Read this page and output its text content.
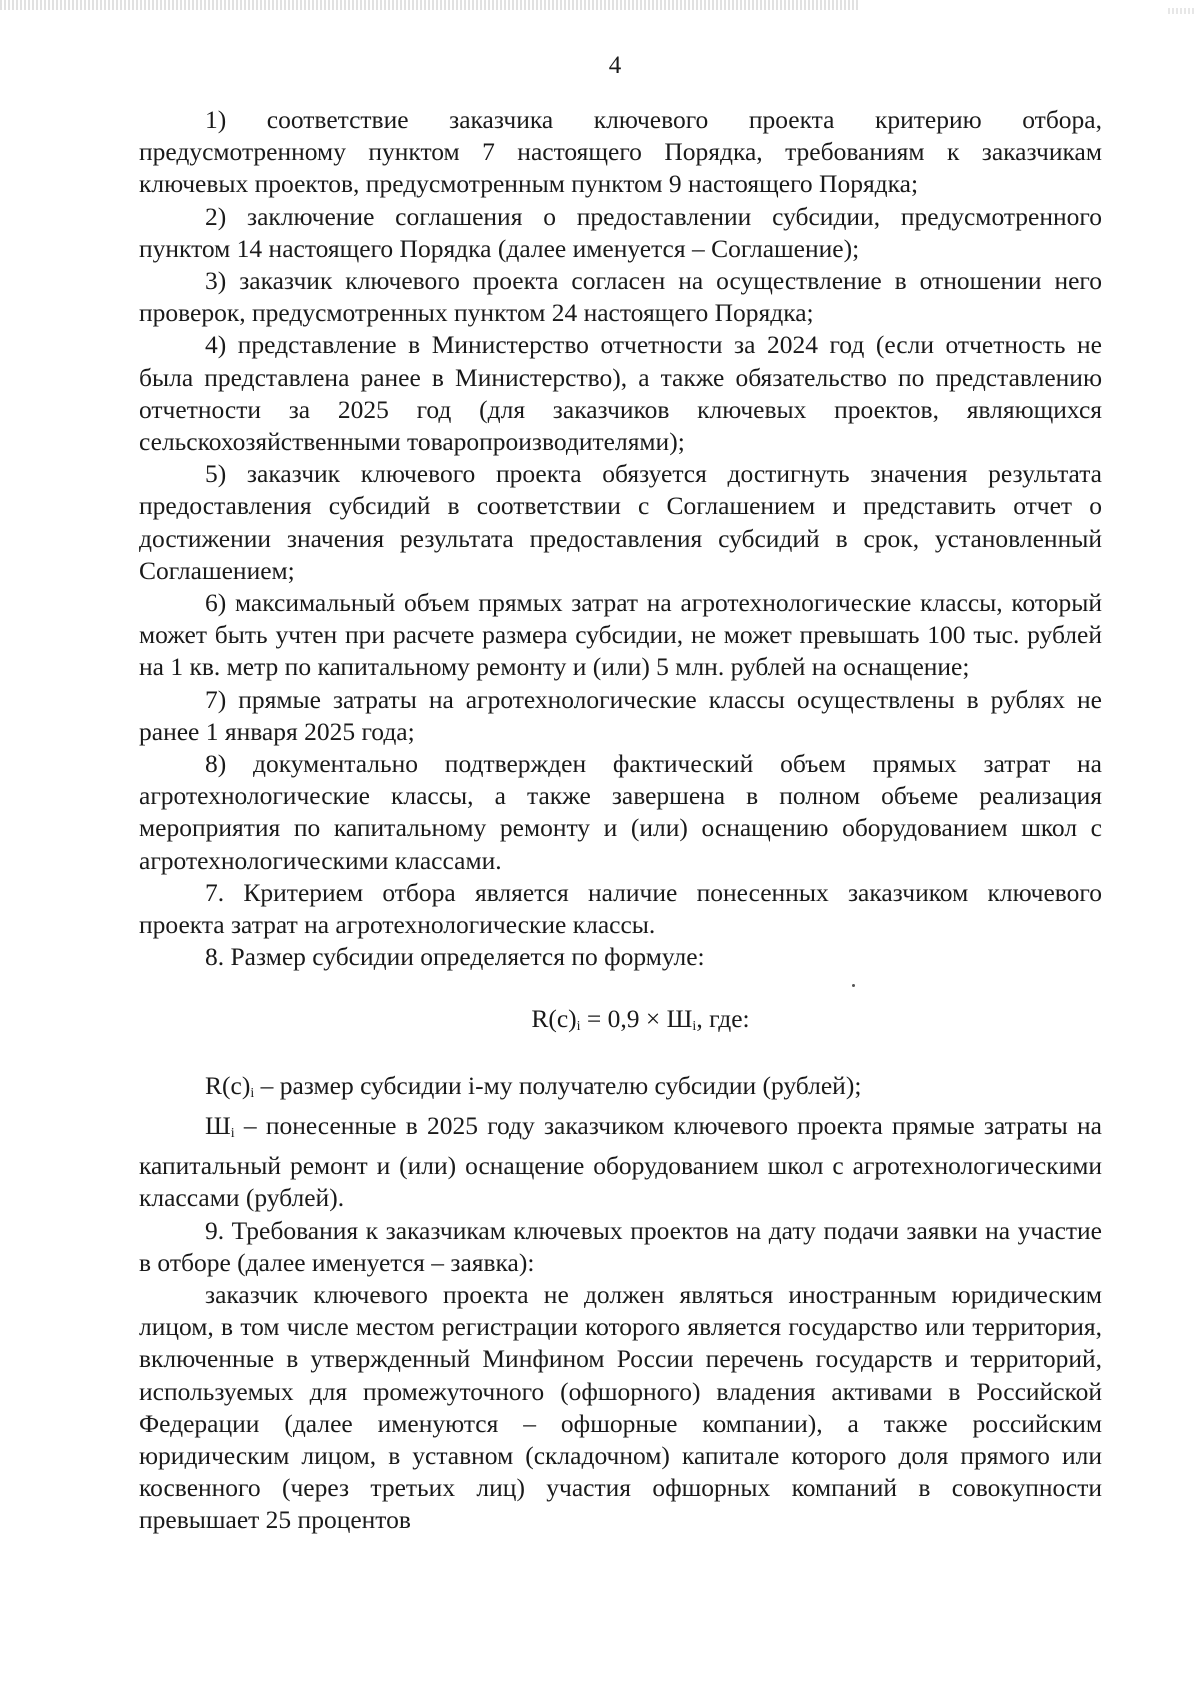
4

1) соответствие заказчика ключевого проекта критерию отбора, предусмотренному пунктом 7 настоящего Порядка, требованиям к заказчикам ключевых проектов, предусмотренным пунктом 9 настоящего Порядка;

2) заключение соглашения о предоставлении субсидии, предусмотренного пунктом 14 настоящего Порядка (далее именуется – Соглашение);

3) заказчик ключевого проекта согласен на осуществление в отношении него проверок, предусмотренных пунктом 24 настоящего Порядка;

4) представление в Министерство отчетности за 2024 год (если отчетность не была представлена ранее в Министерство), а также обязательство по представлению отчетности за 2025 год (для заказчиков ключевых проектов, являющихся сельскохозяйственными товаропроизводителями);

5) заказчик ключевого проекта обязуется достигнуть значения результата предоставления субсидий в соответствии с Соглашением и представить отчет о достижении значения результата предоставления субсидий в срок, установленный Соглашением;

6) максимальный объем прямых затрат на агротехнологические классы, который может быть учтен при расчете размера субсидии, не может превышать 100 тыс. рублей на 1 кв. метр по капитальному ремонту и (или) 5 млн. рублей на оснащение;

7) прямые затраты на агротехнологические классы осуществлены в рублях не ранее 1 января 2025 года;

8) документально подтвержден фактический объем прямых затрат на агротехнологические классы, а также завершена в полном объеме реализация мероприятия по капитальному ремонту и (или) оснащению оборудованием школ с агротехнологическими классами.

7. Критерием отбора является наличие понесенных заказчиком ключевого проекта затрат на агротехнологические классы.

8. Размер субсидии определяется по формуле:

$R(c)_i = 0,9 \times Ш_i$, где:

$R(c)_i$ – размер субсидии i-му получателю субсидии (рублей);

$Ш_i$ – понесенные в 2025 году заказчиком ключевого проекта прямые затраты на капитальный ремонт и (или) оснащение оборудованием школ с агротехнологическими классами (рублей).

9. Требования к заказчикам ключевых проектов на дату подачи заявки на участие в отборе (далее именуется – заявка):

заказчик ключевого проекта не должен являться иностранным юридическим лицом, в том числе местом регистрации которого является государство или территория, включенные в утвержденный Минфином России перечень государств и территорий, используемых для промежуточного (офшорного) владения активами в Российской Федерации (далее именуются – офшорные компании), а также российским юридическим лицом, в уставном (складочном) капитале которого доля прямого или косвенного (через третьих лиц) участия офшорных компаний в совокупности превышает 25 процентов
